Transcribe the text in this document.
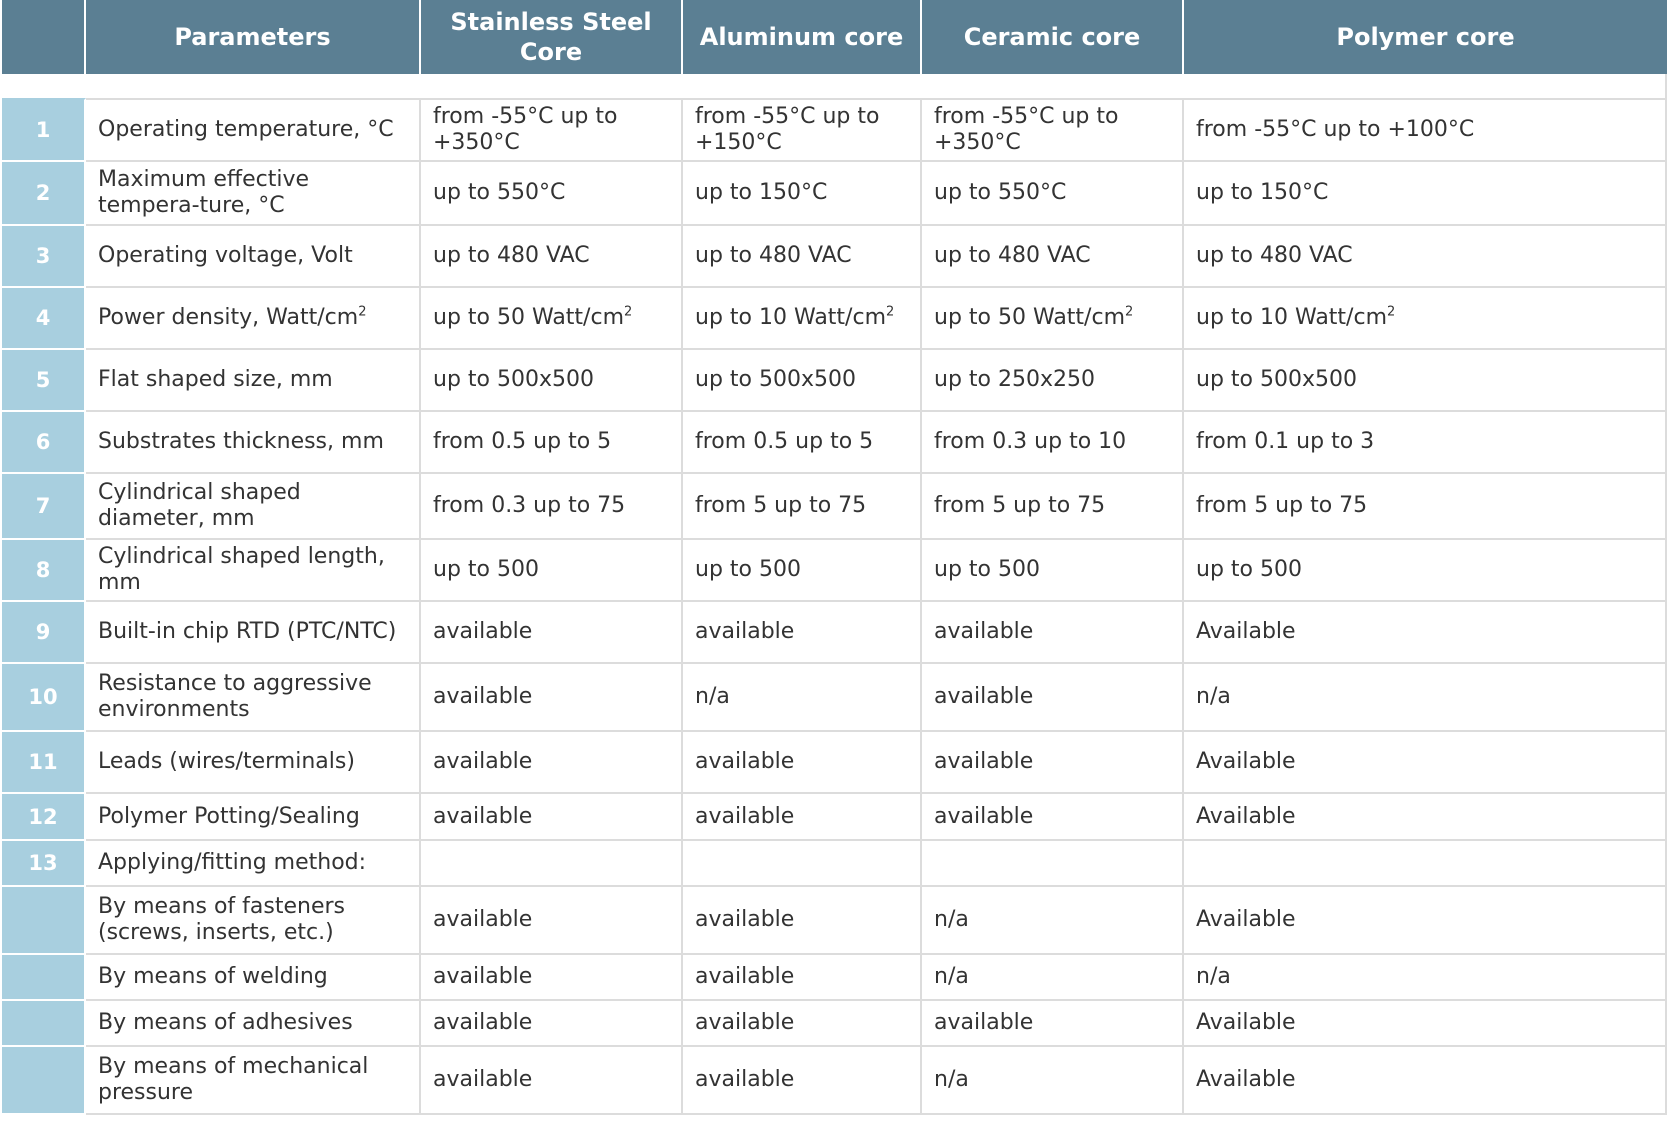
	Parameters	Stainless Steel Core	Aluminum core	Ceramic core	Polymer core

1	Operating temperature, °C	from -55°C up to +350°C	from -55°C up to +150°C	from -55°C up to +350°C	from -55°C up to +100°C
2	Maximum effective tempera-ture, °C	up to 550°C	up to 150°C	up to 550°C	up to 150°C
3	Operating voltage, Volt	up to 480 VAC	up to 480 VAC	up to 480 VAC	up to 480 VAC
4	Power density, Watt/$cm^2$	up to 50 Watt/$cm^2$	up to 10 Watt/$cm^2$	up to 50 Watt/$cm^2$	up to 10 Watt/$cm^2$
5	Flat shaped size, mm	up to 500x500	up to 500x500	up to 250x250	up to 500x500
6	Substrates thickness, mm	from 0.5 up to 5	from 0.5 up to 5	from 0.3 up to 10	from 0.1 up to 3
7	Cylindrical shaped diameter, mm	from 0.3 up to 75	from 5 up to 75	from 5 up to 75	from 5 up to 75
8	Cylindrical shaped length, mm	up to 500	up to 500	up to 500	up to 500
9	Built-in chip RTD (PTC/NTC)	available	available	available	Available
10	Resistance to aggressive environments	available	n/a	available	n/a
11	Leads (wires/terminals)	available	available	available	Available
12	Polymer Potting/Sealing	available	available	available	Available
13	Applying/fitting method:				
	By means of fasteners (screws, inserts, etc.)	available	available	n/a	Available
	By means of welding	available	available	n/a	n/a
	By means of adhesives	available	available	available	Available
	By means of mechanical pressure	available	available	n/a	Available
